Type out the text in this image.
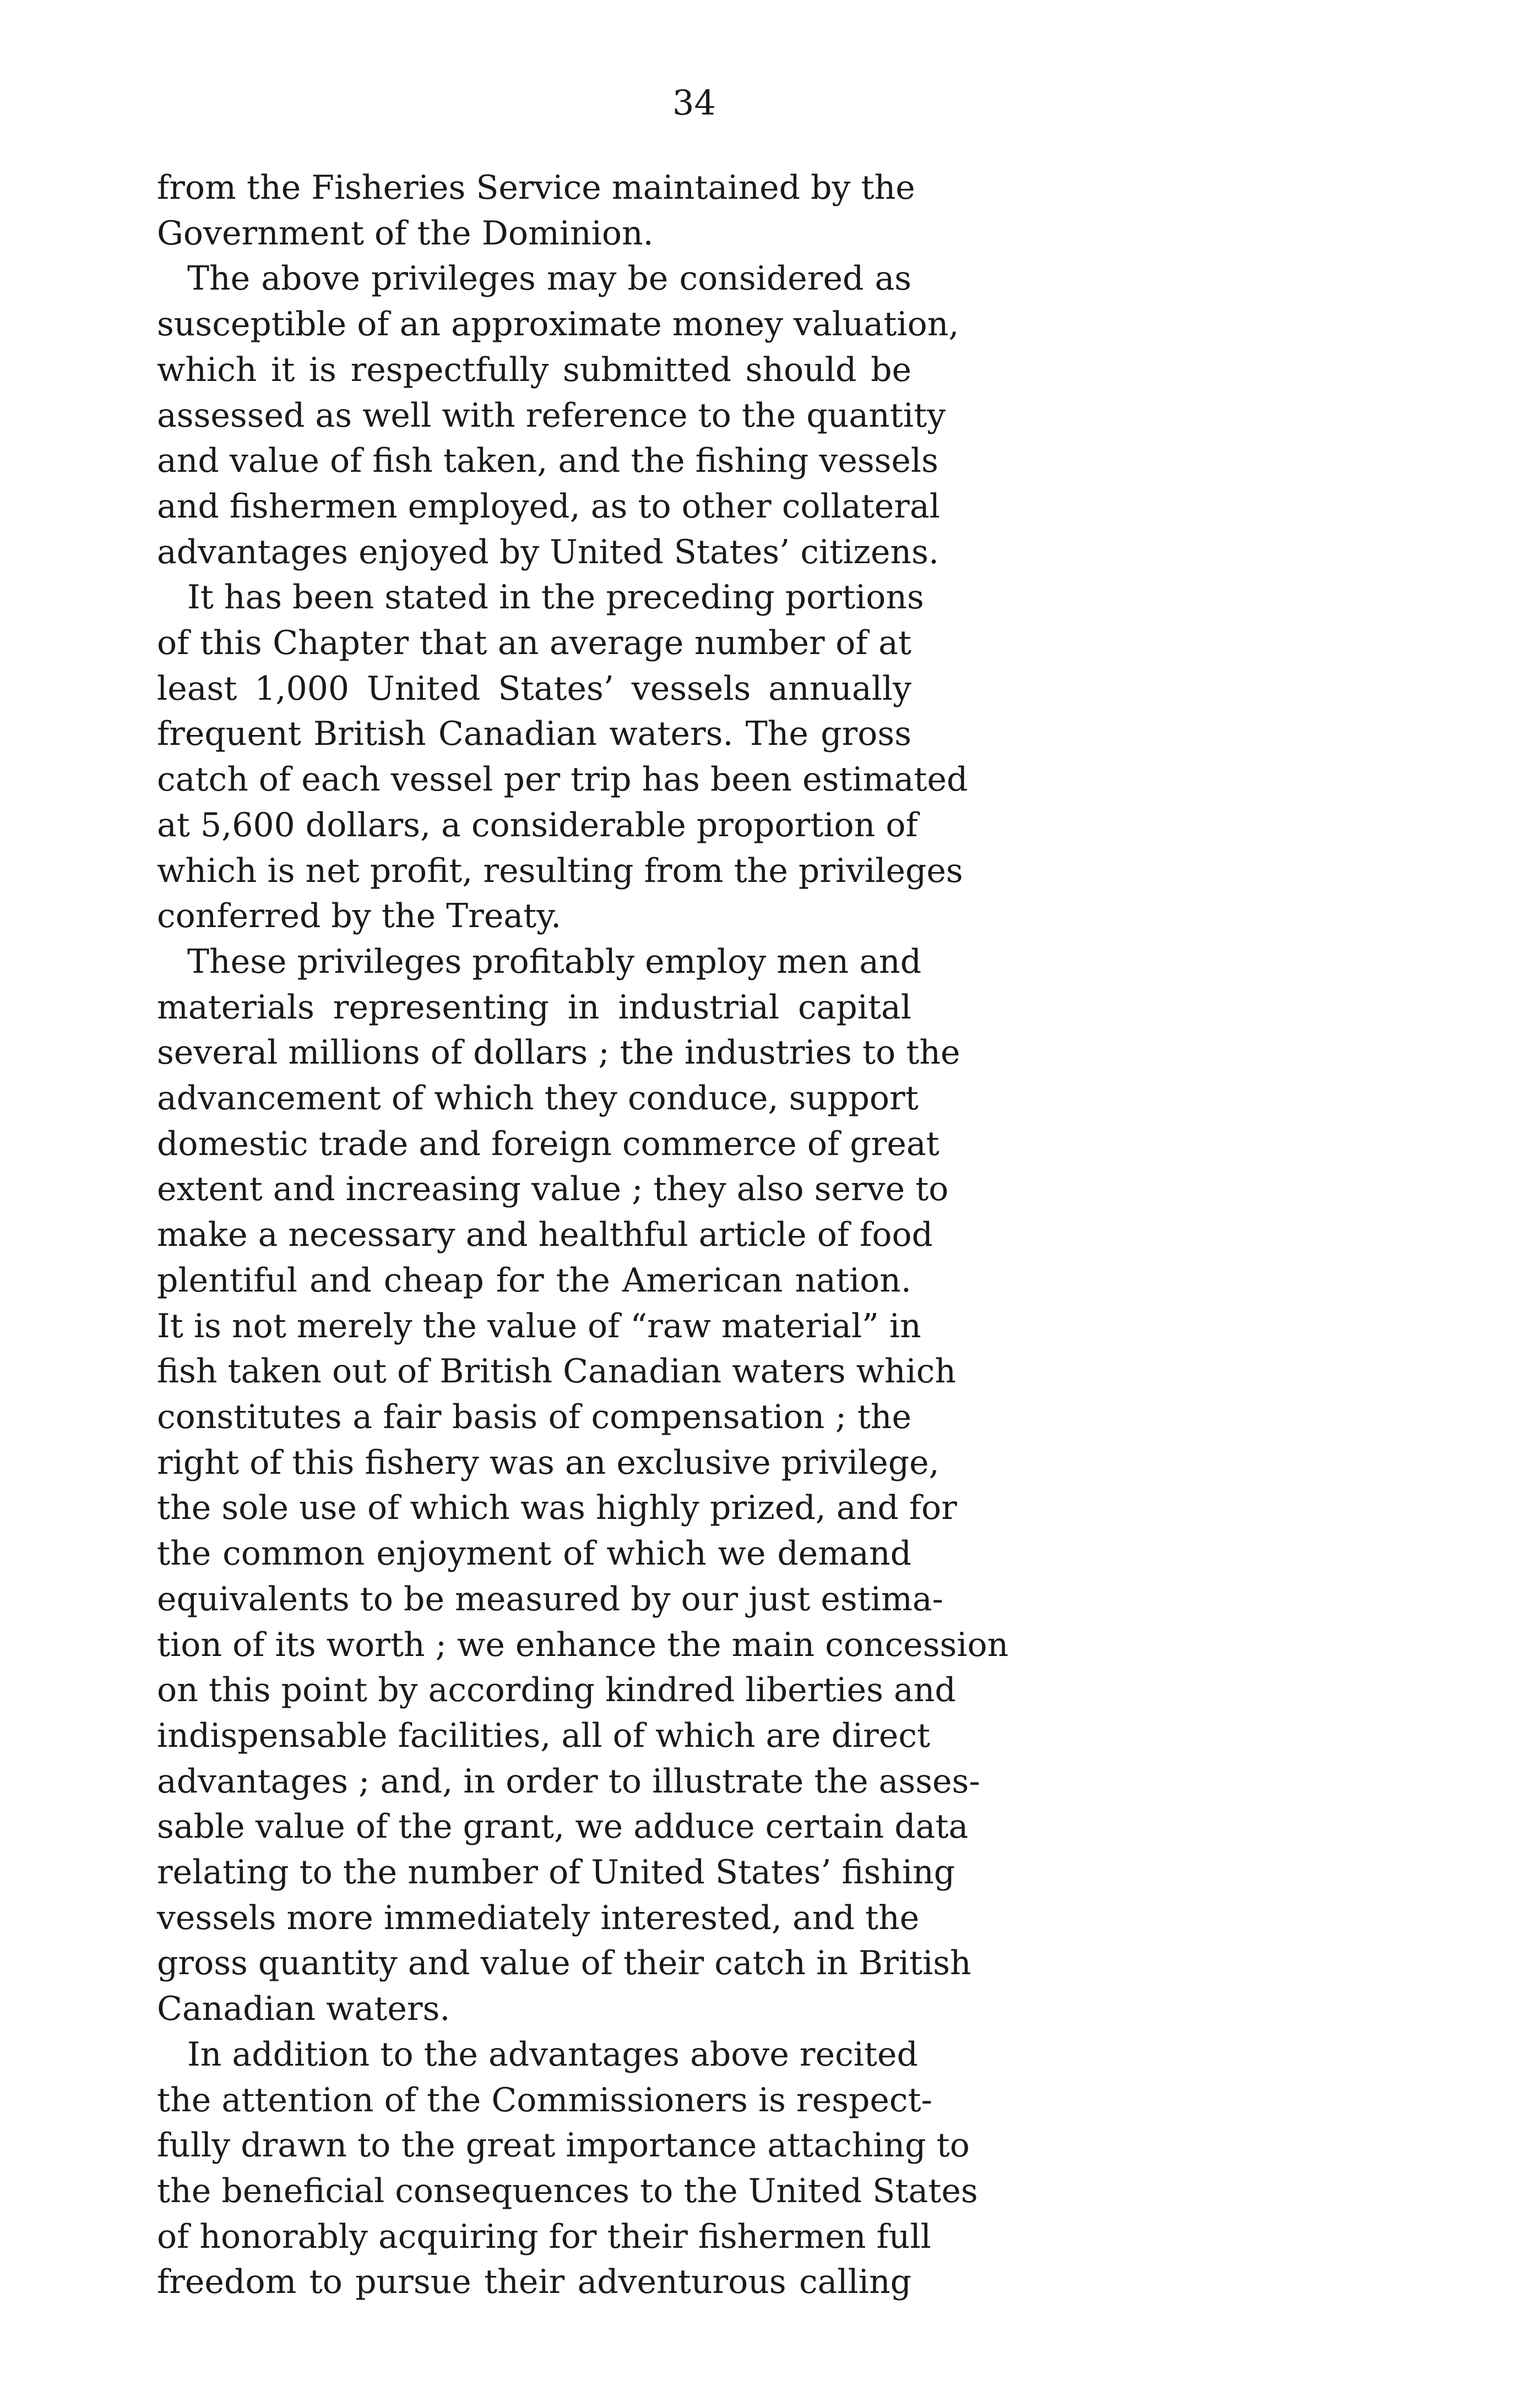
34

from the Fisheries Service maintained by the
Government of the Dominion.

The above privileges may be considered as
susceptible of an approximate money valuation,
which it is respectfully submitted should be
assessed as well with reference to the quantity
and value of fish taken, and the fishing vessels
and fishermen employed, as to other collateral
advantages enjoyed by United States’ citizens.

It has been stated in the preceding portions
of this Chapter that an average number of at
least 1,000 United States’ vessels annually
frequent British Canadian waters. The gross
catch of each vessel per trip has been estimated
at 5,600 dollars, a considerable proportion of
which is net profit, resulting from the privileges
conferred by the Treaty.

These privileges profitably employ men and
materials representing in industrial capital
several millions of dollars ; the industries to the
advancement of which they conduce, support
domestic trade and foreign commerce of great
extent and increasing value ; they also serve to
make a necessary and healthful article of food
plentiful and cheap for the American nation.
It is not merely the value of “raw material” in
fish taken out of British Canadian waters which
constitutes a fair basis of compensation ; the
right of this fishery was an exclusive privilege,
the sole use of which was highly prized, and for
the common enjoyment of which we demand
equivalents to be measured by our just estima-
tion of its worth ; we enhance the main concession
on this point by according kindred liberties and
indispensable facilities, all of which are direct
advantages ; and, in order to illustrate the asses-
sable value of the grant, we adduce certain data
relating to the number of United States’ fishing
vessels more immediately interested, and the
gross quantity and value of their catch in British
Canadian waters.

In addition to the advantages above recited
the attention of the Commissioners is respect-
fully drawn to the great importance attaching to
the beneficial consequences to the United States
of honorably acquiring for their fishermen full
freedom to pursue their adventurous calling
